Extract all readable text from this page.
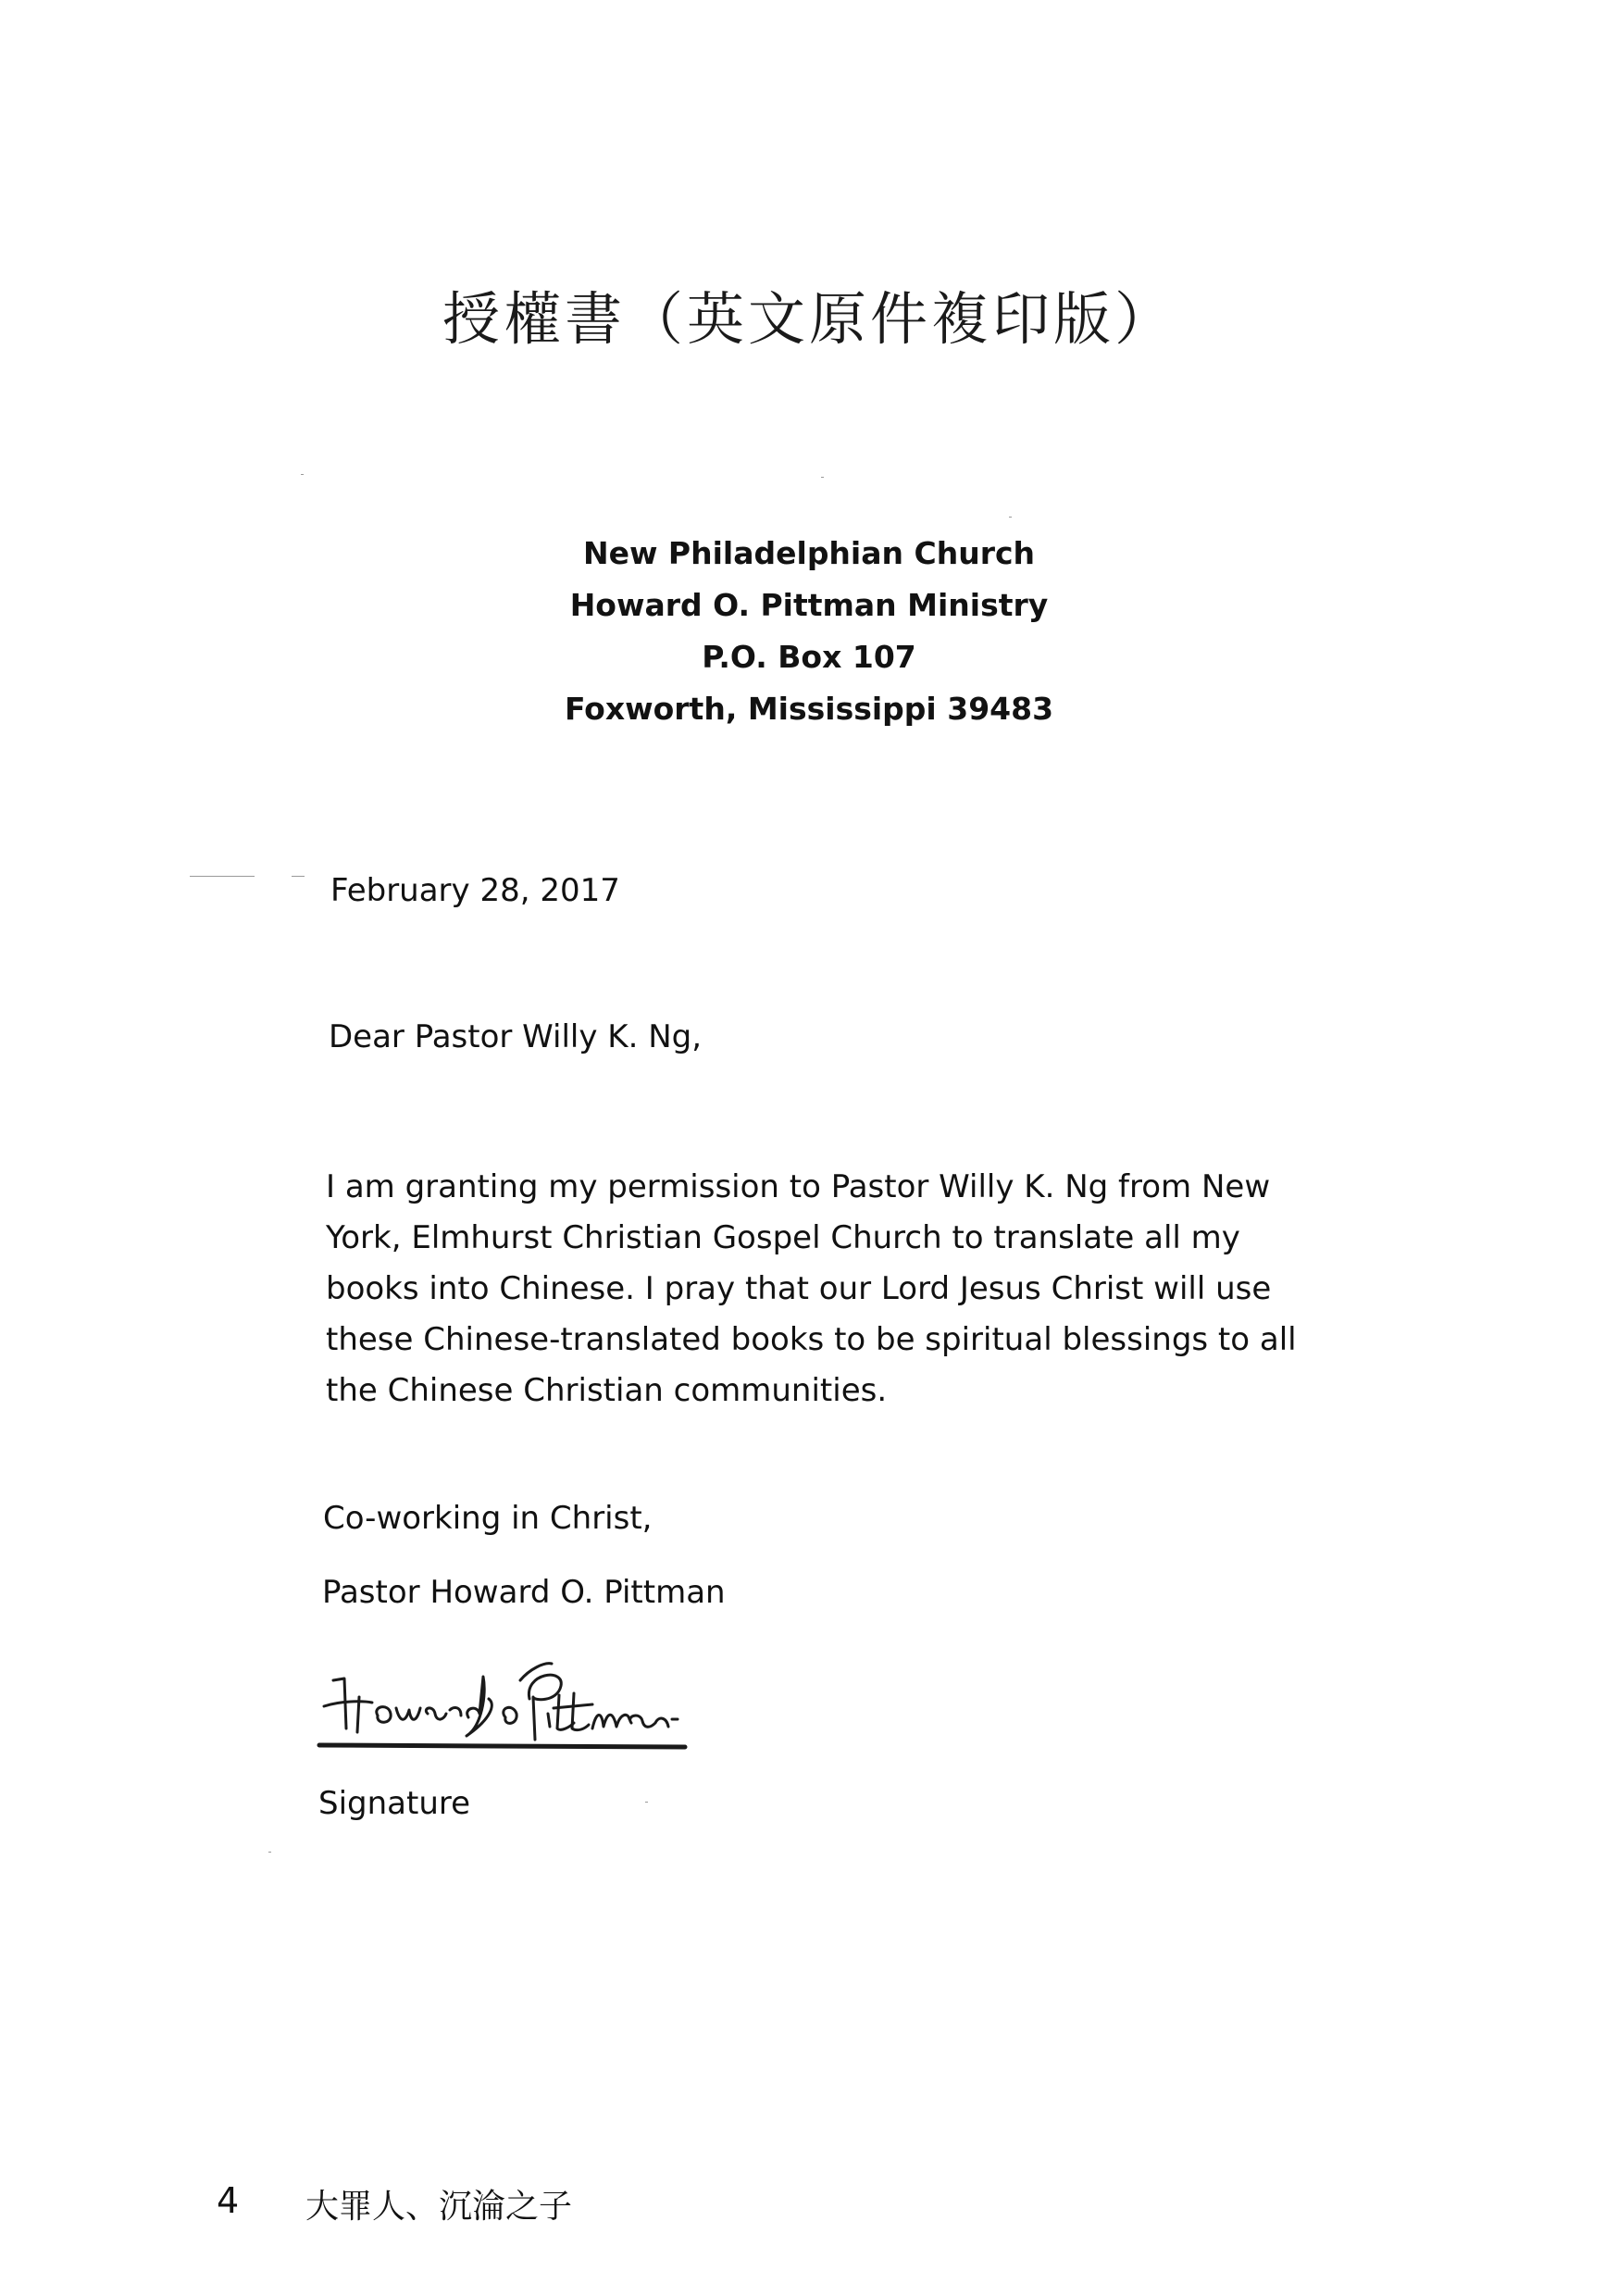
授權書（英文原件複印版）
New Philadelphian Church
Howard O. Pittman Ministry
P.O. Box 107
Foxworth, Mississippi 39483
February 28, 2017
Dear Pastor Willy K. Ng,
I am granting my permission to Pastor Willy K. Ng from New
York, Elmhurst Christian Gospel Church to translate all my
books into Chinese. I pray that our Lord Jesus Christ will use
these Chinese-translated books to be spiritual blessings to all
the Chinese Christian communities.
Co-working in Christ,
Pastor Howard O. Pittman
Signature
4 大罪人、沉淪之子
